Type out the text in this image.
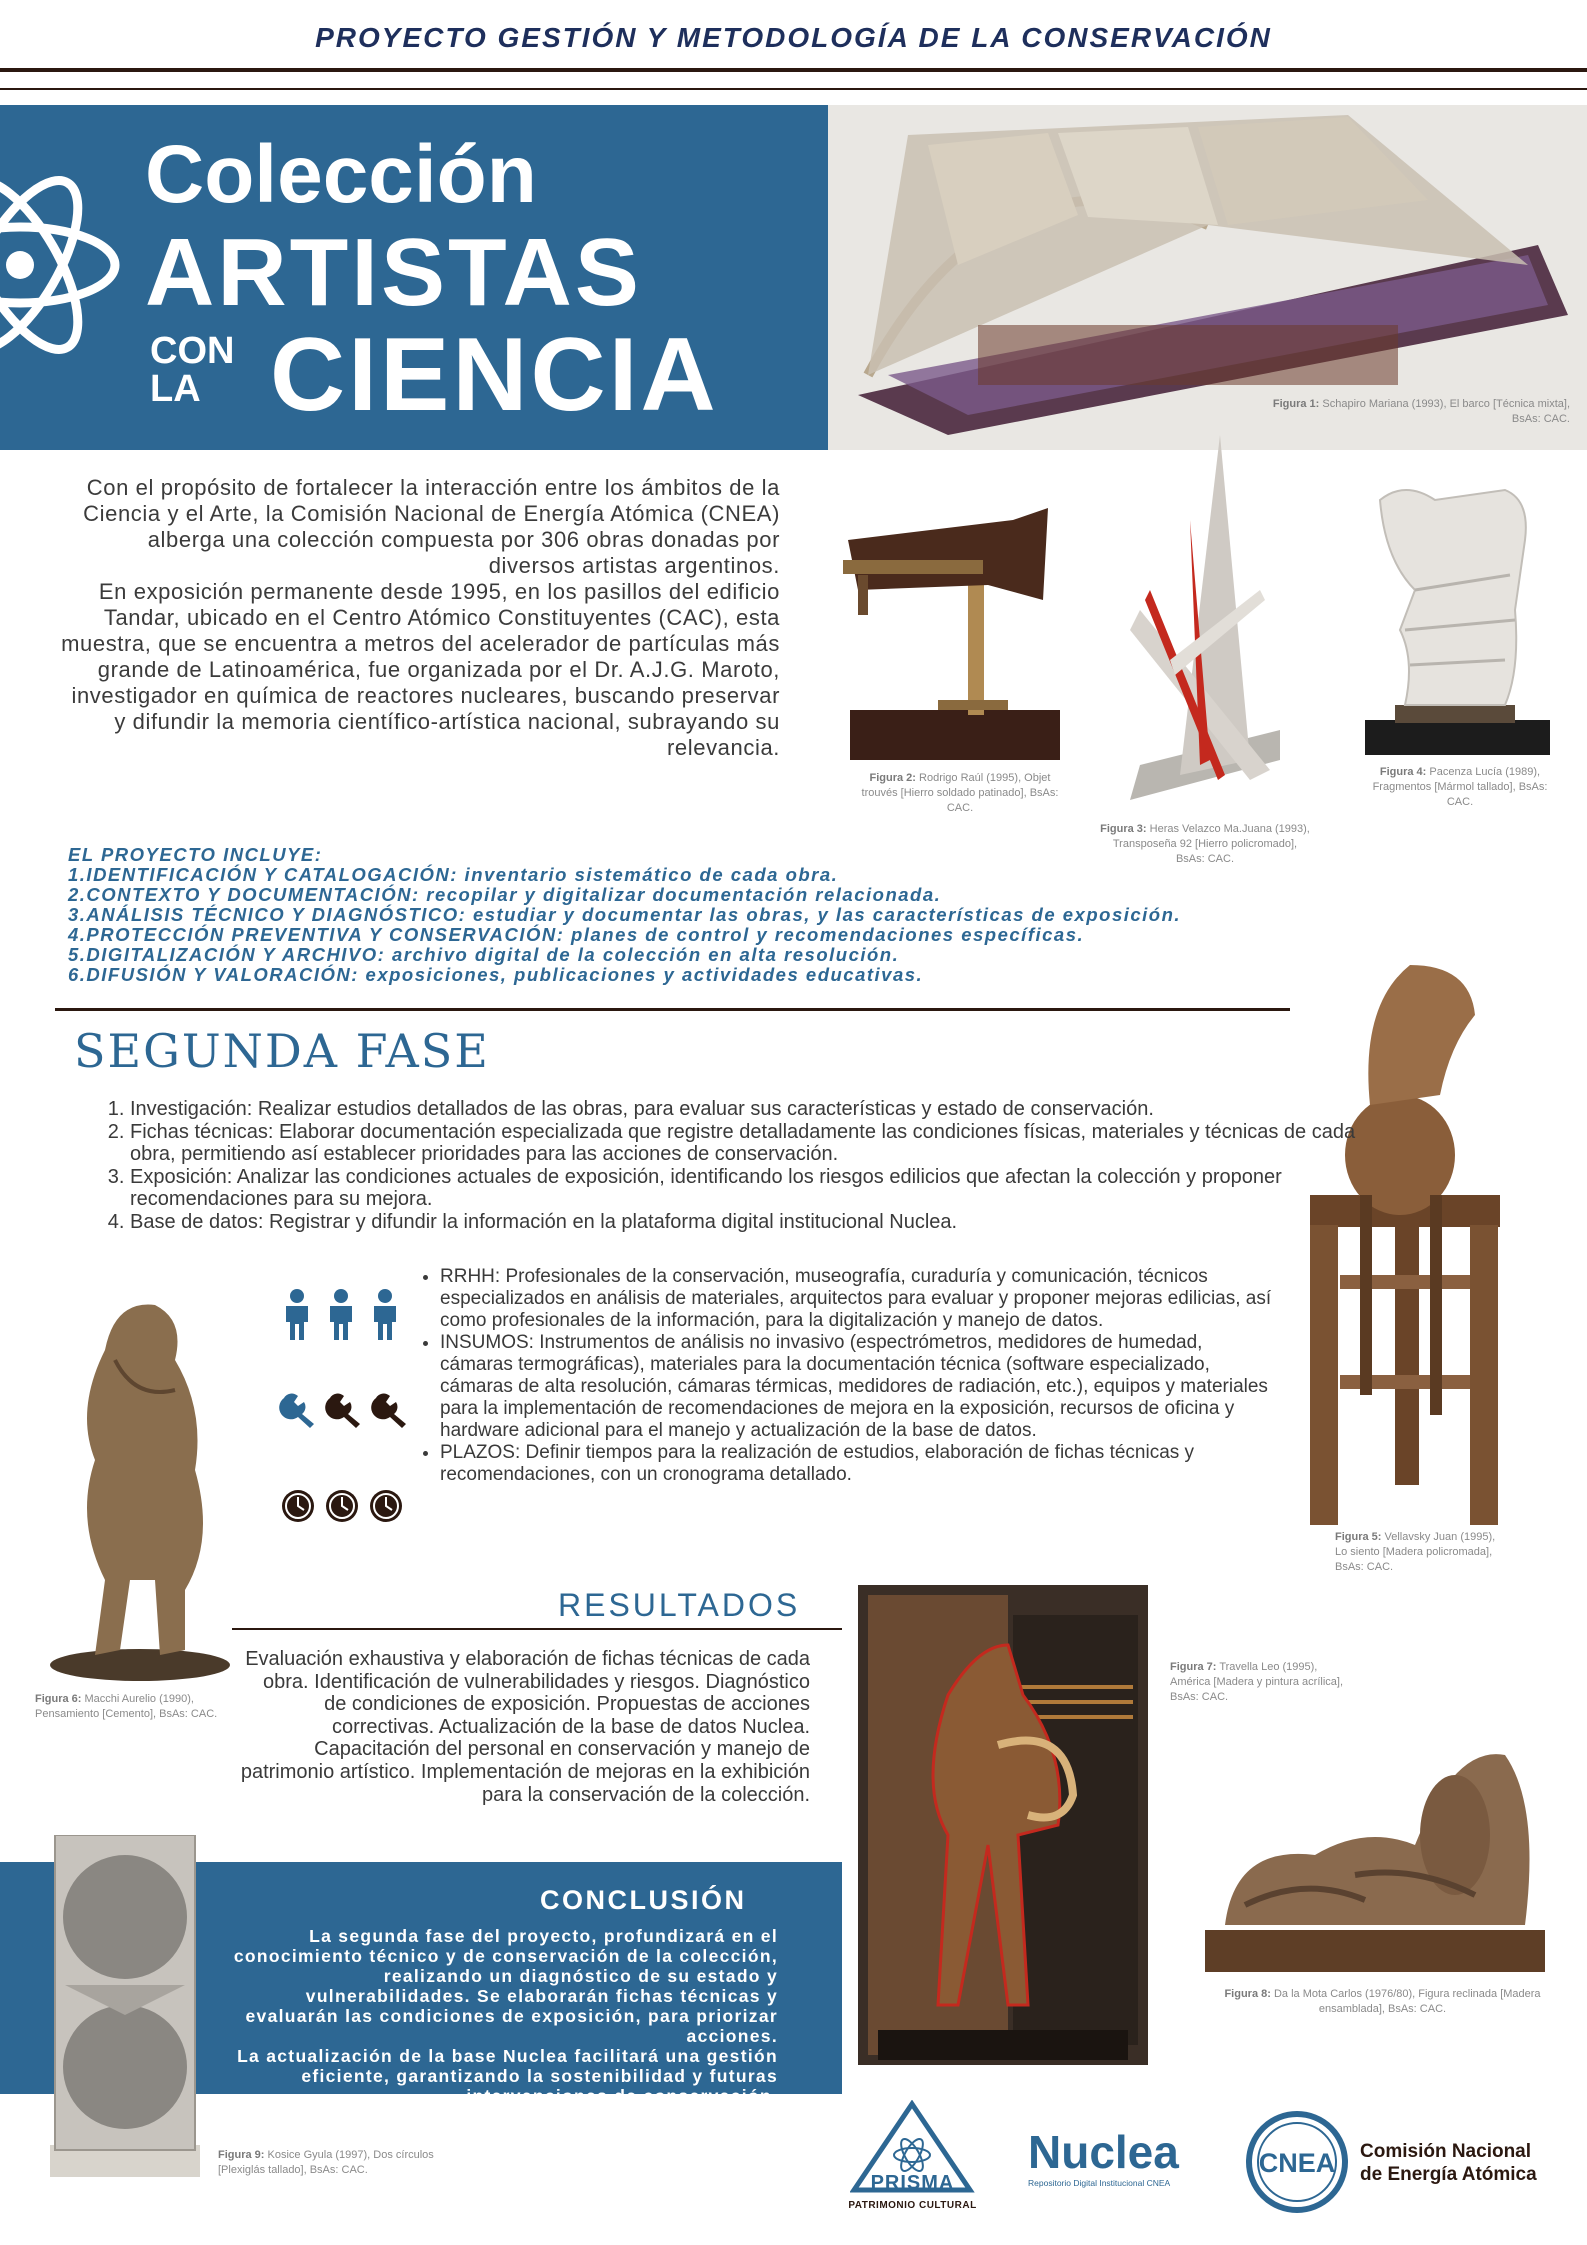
PROYECTO GESTIÓN Y METODOLOGÍA DE LA CONSERVACIÓN
Colección
ARTISTAS
CON
LA CIENCIA	Figura 1: Schapiro Mariana (1993), El barco [Técnica mixta], BsAs: CAC.

Con el propósito de fortalecer la interacción entre los ámbitos de la Ciencia y el Arte, la Comisión Nacional de Energía Atómica (CNEA) alberga una colección compuesta por 306 obras donadas por diversos artistas argentinos.

En exposición permanente desde 1995, en los pasillos del edificio Tandar, ubicado en el Centro Atómico Constituyentes (CAC), esta muestra, que se encuentra a metros del acelerador de partículas más grande de Latinoamérica, fue organizada por el Dr. A.J.G. Maroto, investigador en química de reactores nucleares, buscando preservar y difundir la memoria científico-artística nacional, subrayando su relevancia.

Figura 2: Rodrigo Raúl (1995), Objet trouvés [Hierro soldado patinado], BsAs: CAC.
Figura 3: Heras Velazco Ma.Juana (1993), Transposeña 92 [Hierro policromado], BsAs: CAC.
Figura 4: Pacenza Lucía (1989), Fragmentos [Mármol tallado], BsAs: CAC.
EL PROYECTO INCLUYE:
1.IDENTIFICACIÓN Y CATALOGACIÓN: inventario sistemático de cada obra.
2.CONTEXTO Y DOCUMENTACIÓN: recopilar y digitalizar documentación relacionada.
3.ANÁLISIS TÉCNICO Y DIAGNÓSTICO: estudiar y documentar las obras, y las características de exposición.
4.PROTECCIÓN PREVENTIVA Y CONSERVACIÓN: planes de control y recomendaciones específicas.
5.DIGITALIZACIÓN Y ARCHIVO: archivo digital de la colección en alta resolución.
6.DIFUSIÓN Y VALORACIÓN: exposiciones, publicaciones y actividades educativas.
Figura 5: Vellavsky Juan (1995), Lo siento [Madera policromada], BsAs: CAC.
SEGUNDA FASE
1. Investigación: Realizar estudios detallados de las obras, para evaluar sus características y estado de conservación.
2. Fichas técnicas: Elaborar documentación especializada que registre detalladamente las condiciones físicas, materiales y técnicas de cada obra, permitiendo así establecer prioridades para las acciones de conservación.
3. Exposición: Analizar las condiciones actuales de exposición, identificando los riesgos edilicios que afectan la colección y proponer recomendaciones para su mejora.
4. Base de datos: Registrar y difundir la información en la plataforma digital institucional Nuclea.
Figura 6: Macchi Aurelio (1990), Pensamiento [Cemento], BsAs: CAC.
• RRHH: Profesionales de la conservación, museografía, curaduría y comunicación, técnicos especializados en análisis de materiales, arquitectos para evaluar y proponer mejoras edilicias, así como profesionales de la información, para la digitalización y manejo de datos.
• INSUMOS: Instrumentos de análisis no invasivo (espectrómetros, medidores de humedad, cámaras termográficas), materiales para la documentación técnica (software especializado, cámaras de alta resolución, cámaras térmicas, medidores de radiación, etc.), equipos y materiales para la implementación de recomendaciones de mejora en la exposición, recursos de oficina y hardware adicional para el manejo y actualización de la base de datos.
• PLAZOS: Definir tiempos para la realización de estudios, elaboración de fichas técnicas y recomendaciones, con un cronograma detallado.
RESULTADOS
Evaluación exhaustiva y elaboración de fichas técnicas de cada obra. Identificación de vulnerabilidades y riesgos. Diagnóstico de condiciones de exposición. Propuestas de acciones correctivas. Actualización de la base de datos Nuclea. Capacitación del personal en conservación y manejo de patrimonio artístico. Implementación de mejoras en la exhibición para la conservación de la colección.
Figura 7: Travella Leo (1995), América [Madera y pintura acrílica], BsAs: CAC.
Figura 8: Da la Mota Carlos (1976/80), Figura reclinada [Madera ensamblada], BsAs: CAC.
Figura 9: Kosice Gyula (1997), Dos círculos [Plexiglás tallado], BsAs: CAC.
CONCLUSIÓN

La segunda fase del proyecto, profundizará en el conocimiento técnico y de conservación de la colección, realizando un diagnóstico de su estado y vulnerabilidades. Se elaborarán fichas técnicas y evaluarán las condiciones de exposición, para priorizar acciones.

La actualización de la base Nuclea facilitará una gestión eficiente, garantizando la sostenibilidad y futuras intervenciones de conservación.

PRISMA
PATRIMONIO CULTURAL
Nuclea
Repositorio Digital Institucional CNEA
CNEA Comisión Nacional
de Energía Atómica
